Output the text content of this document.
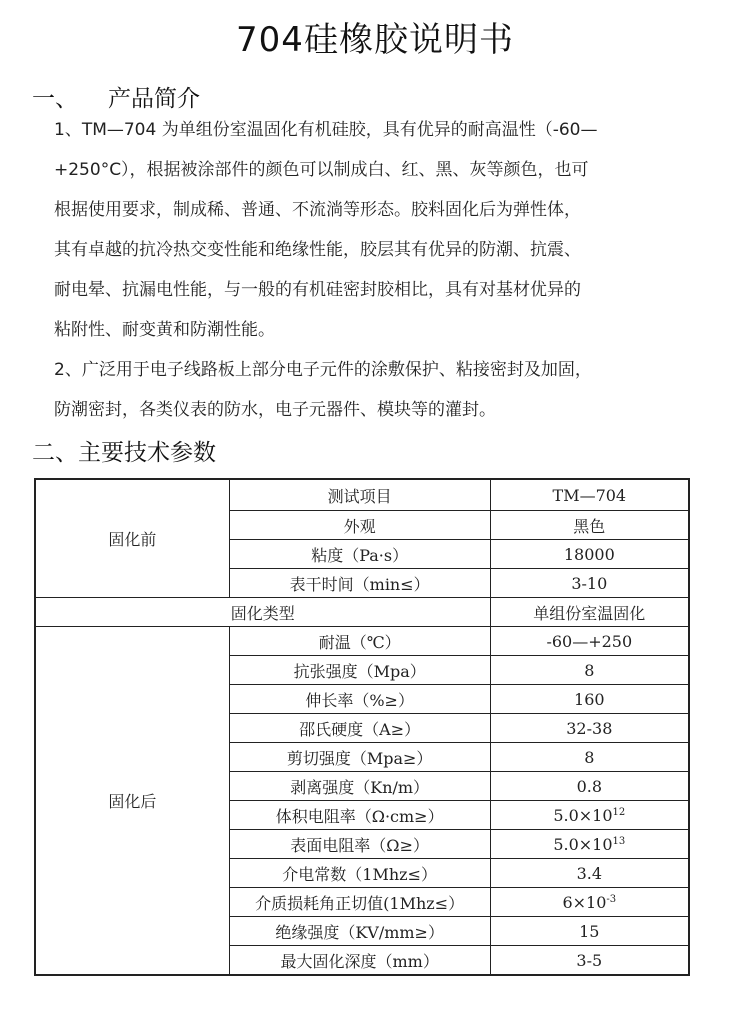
704硅橡胶说明书
一、 产品简介
1、TM—704 为单组份室温固化有机硅胶，具有优异的耐高温性（-60—
+250°C），根据被涂部件的颜色可以制成白、红、黑、灰等颜色，也可
根据使用要求，制成稀、普通、不流淌等形态。胶料固化后为弹性体，
其有卓越的抗冷热交变性能和绝缘性能，胶层其有优异的防潮、抗震、
耐电晕、抗漏电性能，与一般的有机硅密封胶相比，具有对基材优异的
粘附性、耐变黄和防潮性能。
2、广泛用于电子线路板上部分电子元件的涂敷保护、粘接密封及加固，
防潮密封，各类仪表的防水，电子元器件、模块等的灌封。
二、主要技术参数
固化前	测试项目	TM—704
	外观	黑色
	粘度（Pa·s）	18000
	表干时间（min≤）	3-10
固化类型		单组份室温固化
固化后	耐温（℃）	-60—+250
	抗张强度（Mpa）	8
	伸长率（%≥）	160
	邵氏硬度（A≥）	32-38
	剪切强度（Mpa≥）	8
	剥离强度（Kn/m）	0.8
	体积电阻率（Ω·cm≥）	$5.0\times 10^{12}$
	表面电阻率（Ω≥）	$5.0\times 10^{13}$
	介电常数（1Mhz≤）	3.4
	介质损耗角正切值(1Mhz≤）	$6\times 10^{-3}$
	绝缘强度（KV/mm≥）	15
	最大固化深度（mm）	3-5
